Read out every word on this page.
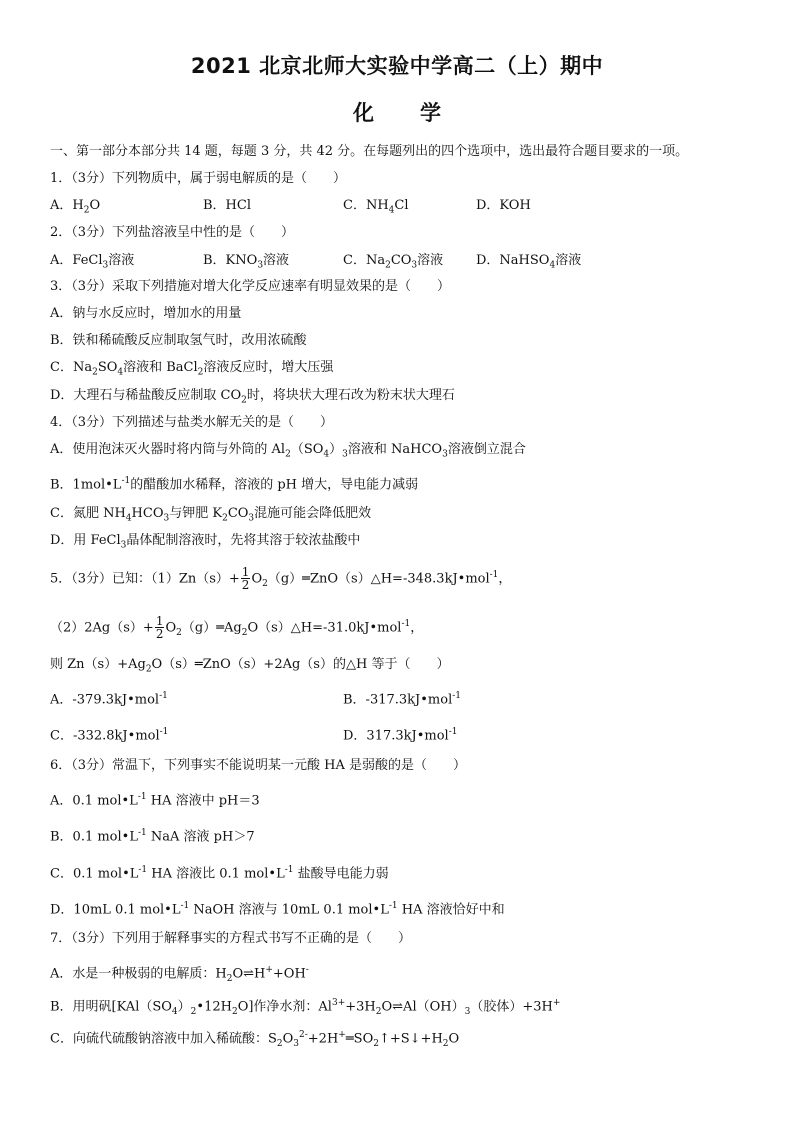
2021 北京北师大实验中学高二（上）期中
化 学
一、第一部分本部分共 14 题，每题 3 分，共 42 分。在每题列出的四个选项中，选出最符合题目要求的一项。
1．（3分）下列物质中，属于弱电解质的是（　　）
A．$H_2O$	B．HCl	C．$NH_4Cl$	D．KOH
2．（3分）下列盐溶液呈中性的是（　　）
A．FeCl$_3$溶液	B．$KNO_3$溶液	C．$Na_2CO_3$溶液	D．NaHSO$_4$溶液
3．（3分）采取下列措施对增大化学反应速率有明显效果的是（　　）
A．钠与水反应时，增加水的用量
B．铁和稀硫酸反应制取氢气时，改用浓硫酸
C．$Na_2SO_4$溶液和 BaCl$_2$溶液反应时，增大压强
D．大理石与稀盐酸反应制取 $CO_2$时，将块状大理石改为粉末状大理石
4．（3分）下列描述与盐类水解无关的是（　　）
A．使用泡沫灭火器时将内筒与外筒的 $Al_2(SO_4)_3$溶液和 NaHCO$_3$溶液倒立混合
B．$1mol•L^{-1}$的醋酸加水稀释，溶液的 pH 增大，导电能力减弱
C．氮肥 $NH_4HCO_3$与钾肥 $K_2CO_3$混施可能会降低肥效
D．用 FeCl$_3$晶体配制溶液时，先将其溶于较浓盐酸中
5．（3分）已知：$(1)Zn(s)+ \frac{1}{2}$ $O_2(g)═ZnO(s)\triangle H=-348.3kJ•mol^{-1}$，
$(2)2Ag(s)+ \frac{1}{2}$ $O_2(g)═Ag_2O(s)\triangle H=-31.0kJ•mol^{-1}$，
则 $Zn(s)+Ag_2O(s)═ZnO(s)+2Ag(s)$的△H 等于（　　）
A．-379.3kJ•mol$^{-1}$	B．-317.3kJ•mol$^{-1}$
C．-332.8kJ•mol$^{-1}$	D．317.3kJ•mol$^{-1}$
6．（3分）常温下，下列事实不能说明某一元酸 HA 是弱酸的是（　　）
A．0.1 $mol•L^{-1}$ HA 溶液中 pH＝3
B．0.1 $mol•L^{-1}$ NaA 溶液 pH＞7
C．0.1 $mol•L^{-1}$ HA 溶液比 0.1 $mol•L^{-1}$ 盐酸导电能力弱
D．10mL 0.1 $mol•L^{-1}$ NaOH 溶液与 10mL 0.1 $mol•L^{-1}$ HA 溶液恰好中和
7．（3分）下列用于解释事实的方程式书写不正确的是（　　）
A．水是一种极弱的电解质：$H_2O\rightleftharpoons H^++OH^-$
B．用明矾$[KAl(SO_4)_2•12H_2O]$作净水剂：$Al^{3+}+3H_2O\rightleftharpoons Al(OH)_3$（胶体）+3H+
C．向硫代硫酸钠溶液中加入稀硫酸：$S_2O_3^{2-}+2H^+═SO_2↑+S↓+H_2O$
